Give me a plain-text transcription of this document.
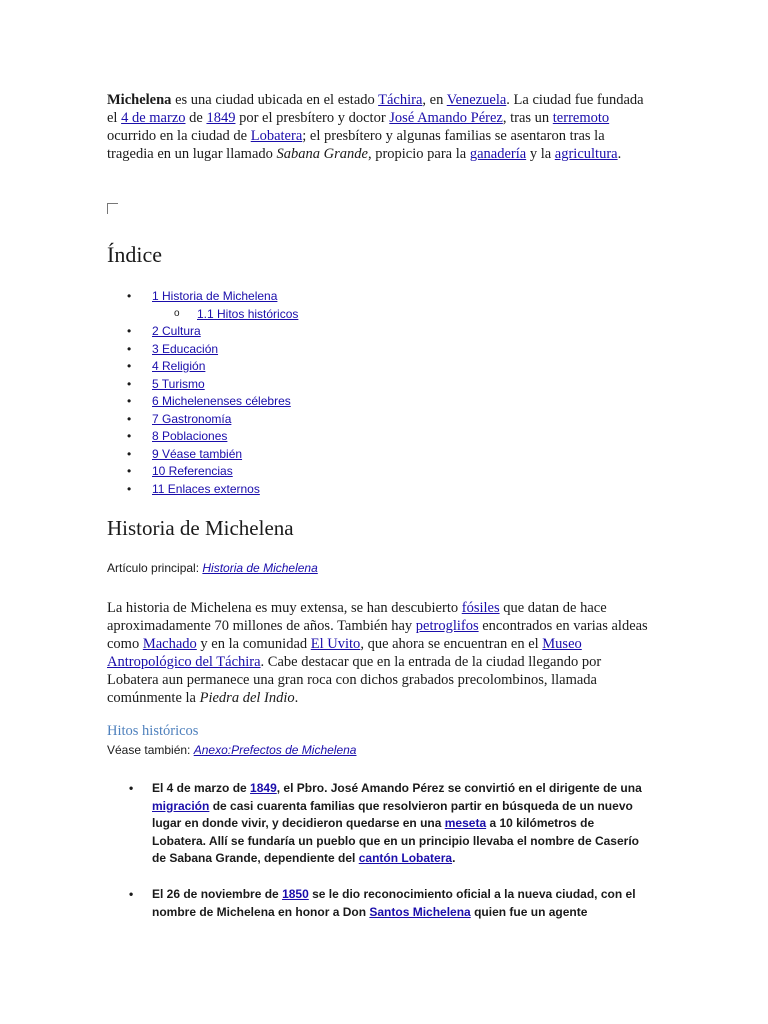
Michelena es una ciudad ubicada en el estado Táchira, en Venezuela. La ciudad fue fundada el 4 de marzo de 1849 por el presbítero y doctor José Amando Pérez, tras un terremoto ocurrido en la ciudad de Lobatera; el presbítero y algunas familias se asentaron tras la tragedia en un lugar llamado Sabana Grande, propicio para la ganadería y la agricultura.
Índice
• 1 Historia de Michelena
o 1.1 Hitos históricos
• 2 Cultura
• 3 Educación
• 4 Religión
• 5 Turismo
• 6 Michelenenses célebres
• 7 Gastronomía
• 8 Poblaciones
• 9 Véase también
• 10 Referencias
• 11 Enlaces externos
Historia de Michelena
Artículo principal: Historia de Michelena
La historia de Michelena es muy extensa, se han descubierto fósiles que datan de hace aproximadamente 70 millones de años. También hay petroglifos encontrados en varias aldeas como Machado y en la comunidad El Uvito, que ahora se encuentran en el Museo Antropológico del Táchira. Cabe destacar que en la entrada de la ciudad llegando por Lobatera aun permanece una gran roca con dichos grabados precolombinos, llamada comúnmente la Piedra del Indio.
Hitos históricos
Véase también: Anexo:Prefectos de Michelena
• El 4 de marzo de 1849, el Pbro. José Amando Pérez se convirtió en el dirigente de una migración de casi cuarenta familias que resolvieron partir en búsqueda de un nuevo lugar en donde vivir, y decidieron quedarse en una meseta a 10 kilómetros de Lobatera. Allí se fundaría un pueblo que en un principio llevaba el nombre de Caserío de Sabana Grande, dependiente del cantón Lobatera.
• El 26 de noviembre de 1850 se le dio reconocimiento oficial a la nueva ciudad, con el nombre de Michelena en honor a Don Santos Michelena quien fue un agente
